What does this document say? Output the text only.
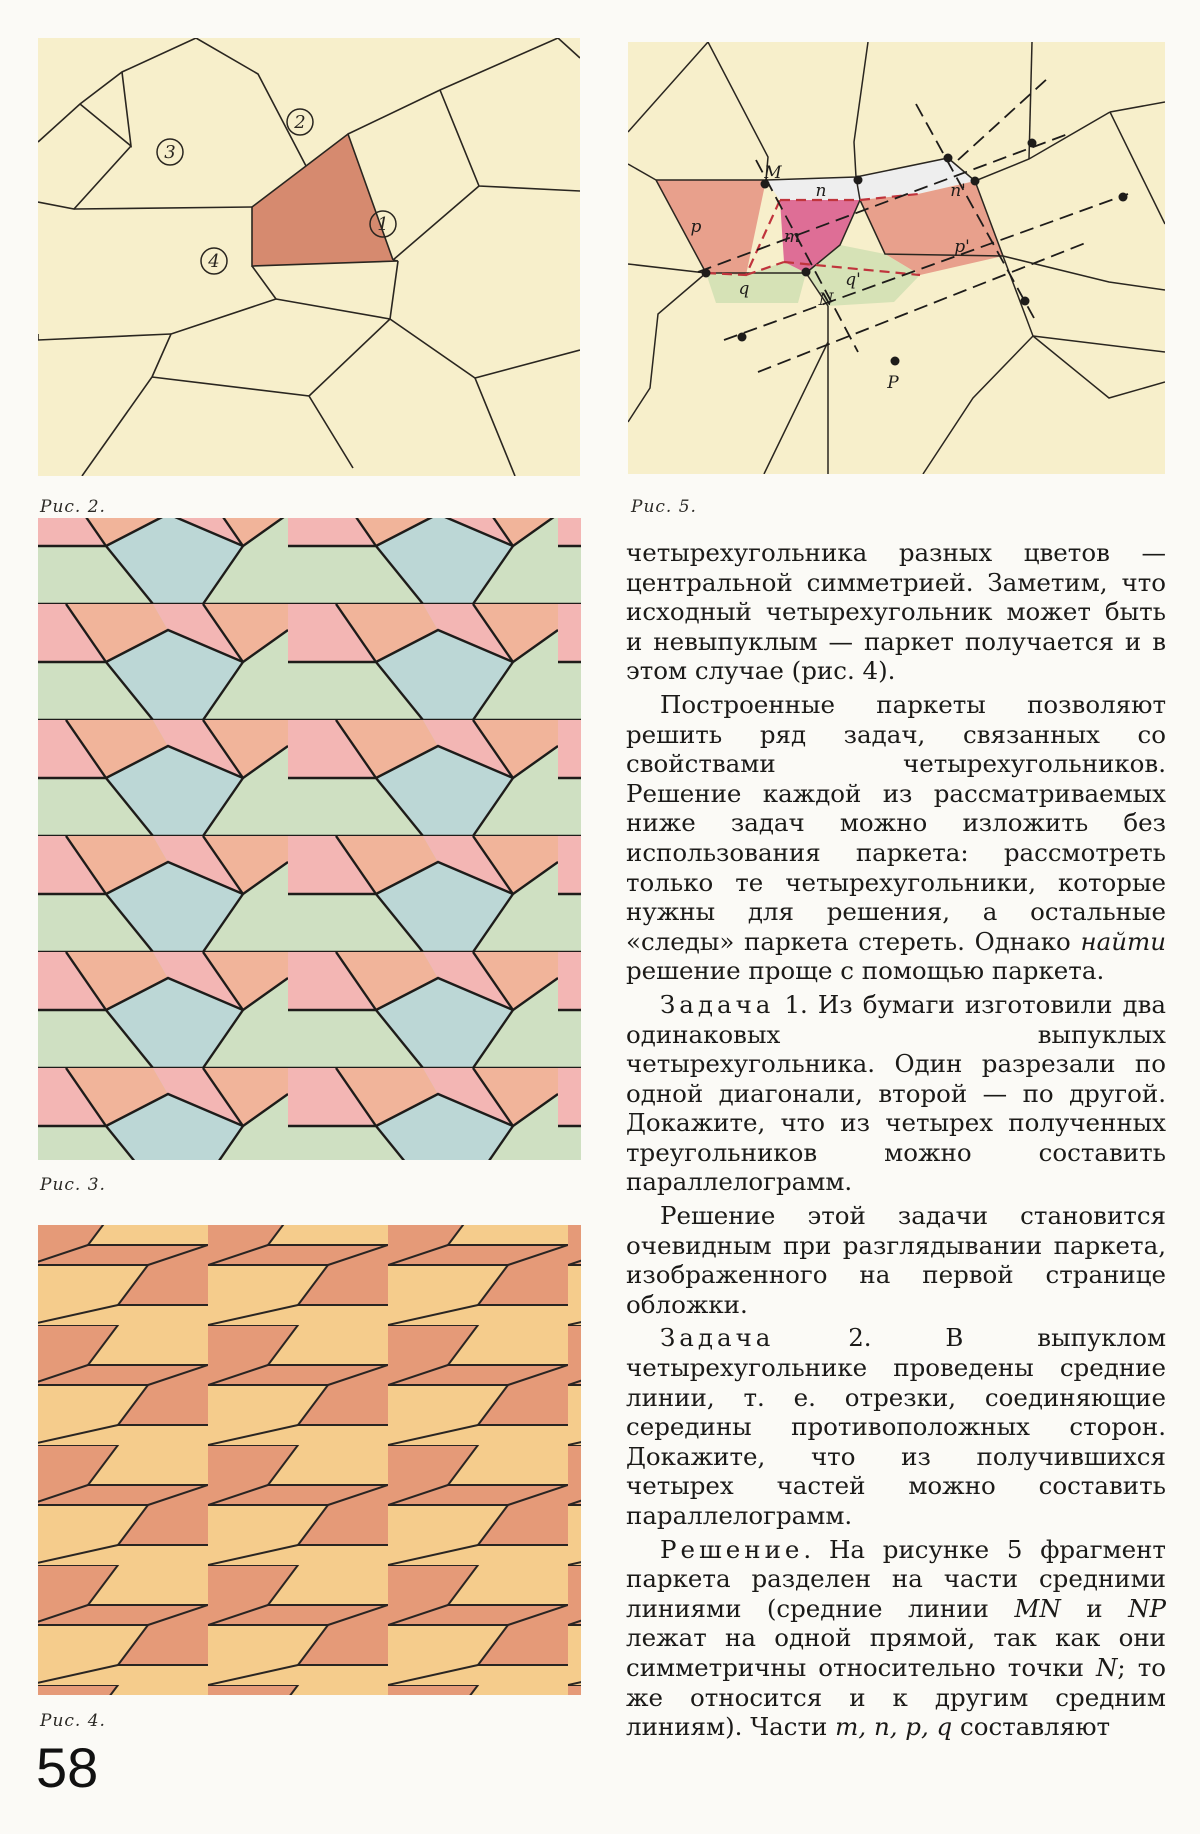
1
2
3
4
Рис. 2.
M
N
P
n	n'
p
p'
m
q	q'
Рис. 5.
Рис. 3.
Рис. 4.

четырехугольника разных цветов — центральной симметрией. Заметим, что исходный четырехугольник может быть и невыпуклым — паркет получается и в этом случае (рис. 4).

Построенные паркеты позволяют решить ряд задач, связанных со свойствами четырехугольников. Решение каждой из рассматриваемых ниже задач можно изложить без использования паркета: рассмотреть только те четырехугольники, которые нужны для решения, а остальные «следы» паркета стереть. Однако найти решение проще с помощью паркета.

Задача 1. Из бумаги изготовили два одинаковых выпуклых четырехугольника. Один разрезали по одной диагонали, второй — по другой. Докажите, что из четырех полученных треугольников можно составить параллелограмм.

Решение этой задачи становится очевидным при разглядывании паркета, изображенного на первой странице обложки.

Задача 2. В выпуклом четырехугольнике проведены средние линии, т. е. отрезки, соединяющие середины противоположных сторон. Докажите, что из получившихся четырех частей можно составить параллелограмм.

Решение. На рисунке 5 фрагмент паркета разделен на части средними линиями (средние линии MN и NP лежат на одной прямой, так как они симметричны относительно точки N; то же относится и к другим средним линиям). Части m, n, p, q составляют

58
